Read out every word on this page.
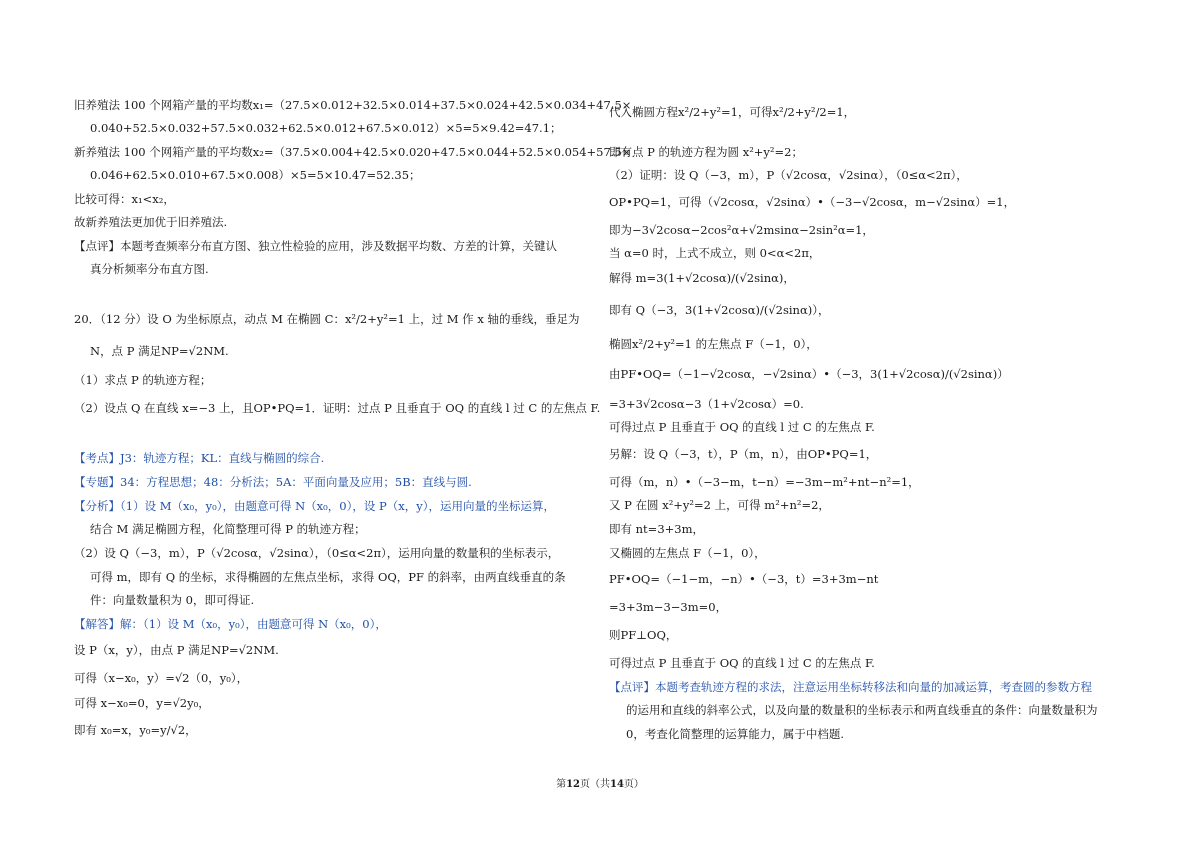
旧养殖法 100 个网箱产量的平均数x₁=（27.5×0.012+32.5×0.014+37.5×0.024+42.5×0.034+47.5×
0.040+52.5×0.032+57.5×0.032+62.5×0.012+67.5×0.012）×5=5×9.42=47.1；
新养殖法 100 个网箱产量的平均数x₂=（37.5×0.004+42.5×0.020+47.5×0.044+52.5×0.054+57.5×
0.046+62.5×0.010+67.5×0.008）×5=5×10.47=52.35；
比较可得：x₁<x₂，
故新养殖法更加优于旧养殖法.
【点评】本题考查频率分布直方图、独立性检验的应用，涉及数据平均数、方差的计算，关键认
真分析频率分布直方图.
20．（12 分）设 O 为坐标原点，动点 M 在椭圆 C：x²/2+y²=1 上，过 M 作 x 轴的垂线，垂足为
N，点 P 满足NP=√2NM.
（1）求点 P 的轨迹方程；
（2）设点 Q 在直线 x=−3 上，且OP•PQ=1．证明：过点 P 且垂直于 OQ 的直线 l 过 C 的左焦点 F.
【考点】J3：轨迹方程；KL：直线与椭圆的综合.
【专题】34：方程思想；48：分析法；5A：平面向量及应用；5B：直线与圆.
【分析】（1）设 M（x₀，y₀），由题意可得 N（x₀，0），设 P（x，y），运用向量的坐标运算，
结合 M 满足椭圆方程，化简整理可得 P 的轨迹方程；
（2）设 Q（−3，m），P（√2cosα，√2sinα），（0≤α<2π），运用向量的数量积的坐标表示，
可得 m，即有 Q 的坐标，求得椭圆的左焦点坐标，求得 OQ，PF 的斜率，由两直线垂直的条
件：向量数量积为 0，即可得证.
【解答】解：（1）设 M（x₀，y₀），由题意可得 N（x₀，0），
设 P（x，y），由点 P 满足NP=√2NM.
可得（x−x₀，y）=√2（0，y₀），
可得 x−x₀=0，y=√2y₀，
即有 x₀=x，y₀=y/√2，
代入椭圆方程x²/2+y²=1，可得x²/2+y²/2=1，
即有点 P 的轨迹方程为圆 x²+y²=2；
（2）证明：设 Q（−3，m），P（√2cosα，√2sinα），（0≤α<2π），
OP•PQ=1，可得（√2cosα，√2sinα）•（−3−√2cosα，m−√2sinα）=1，
即为−3√2cosα−2cos²α+√2msinα−2sin²α=1，
当 α=0 时，上式不成立，则 0<α<2π，
解得 m=3(1+√2cosα)/(√2sinα)，
即有 Q（−3，3(1+√2cosα)/(√2sinα)），
椭圆x²/2+y²=1 的左焦点 F（−1，0），
由PF•OQ=（−1−√2cosα，−√2sinα）•（−3，3(1+√2cosα)/(√2sinα)）
=3+3√2cosα−3（1+√2cosα）=0.
可得过点 P 且垂直于 OQ 的直线 l 过 C 的左焦点 F.
另解：设 Q（−3，t），P（m，n），由OP•PQ=1，
可得（m，n）•（−3−m，t−n）=−3m−m²+nt−n²=1，
又 P 在圆 x²+y²=2 上，可得 m²+n²=2，
即有 nt=3+3m，
又椭圆的左焦点 F（−1，0），
PF•OQ=（−1−m，−n）•（−3，t）=3+3m−nt
=3+3m−3−3m=0，
则PF⊥OQ，
可得过点 P 且垂直于 OQ 的直线 l 过 C 的左焦点 F.
【点评】本题考查轨迹方程的求法，注意运用坐标转移法和向量的加减运算，考查圆的参数方程
的运用和直线的斜率公式，以及向量的数量积的坐标表示和两直线垂直的条件：向量数量积为
0，考查化简整理的运算能力，属于中档题.
第12页（共14页）
